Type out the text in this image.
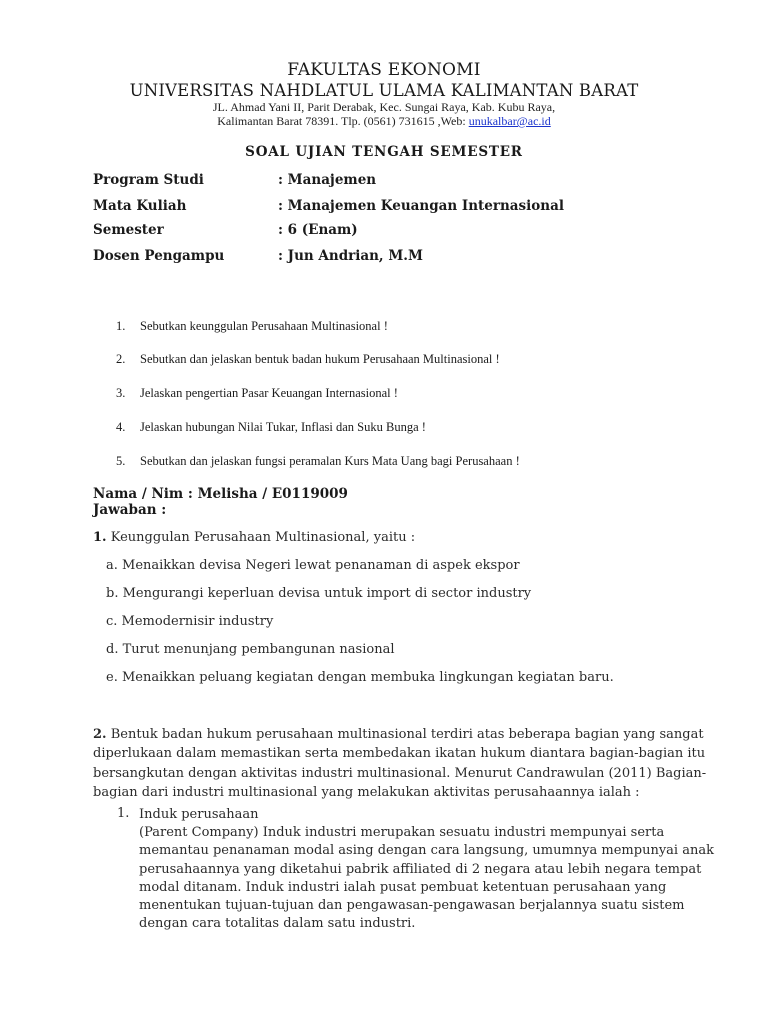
FAKULTAS EKONOMI
UNIVERSITAS NAHDLATUL ULAMA KALIMANTAN BARAT
JL. Ahmad Yani II, Parit Derabak, Kec. Sungai Raya, Kab. Kubu Raya,
Kalimantan Barat 78391. Tlp. (0561) 731615 ,Web: unukalbar@ac.id
SOAL UJIAN TENGAH SEMESTER
Program Studi	: Manajemen
Mata Kuliah	: Manajemen Keuangan Internasional
Semester	: 6 (Enam)
Dosen Pengampu	: Jun Andrian, M.M
1. Sebutkan keunggulan Perusahaan Multinasional !
2. Sebutkan dan jelaskan bentuk badan hukum Perusahaan Multinasional !
3. Jelaskan pengertian Pasar Keuangan Internasional !
4. Jelaskan hubungan Nilai Tukar, Inflasi dan Suku Bunga !
5. Sebutkan dan jelaskan fungsi peramalan Kurs Mata Uang bagi Perusahaan !
Nama / Nim : Melisha / E0119009
Jawaban :
1. Keunggulan Perusahaan Multinasional, yaitu :
a. Menaikkan devisa Negeri lewat penanaman di aspek ekspor
b. Mengurangi keperluan devisa untuk import di sector industry
c. Memodernisir industry
d. Turut menunjang pembangunan nasional
e. Menaikkan peluang kegiatan dengan membuka lingkungan kegiatan baru.
2. Bentuk badan hukum perusahaan multinasional terdiri atas beberapa bagian yang sangat
diperlukaan dalam memastikan serta membedakan ikatan hukum diantara bagian-bagian itu
bersangkutan dengan aktivitas industri multinasional. Menurut Candrawulan (2011) Bagian-
bagian dari industri multinasional yang melakukan aktivitas perusahaannya ialah :
1. Induk perusahaan
(Parent Company) Induk industri merupakan sesuatu industri mempunyai serta
memantau penanaman modal asing dengan cara langsung, umumnya mempunyai anak
perusahaannya yang diketahui pabrik affiliated di 2 negara atau lebih negara tempat
modal ditanam. Induk industri ialah pusat pembuat ketentuan perusahaan yang
menentukan tujuan-tujuan dan pengawasan-pengawasan berjalannya suatu sistem
dengan cara totalitas dalam satu industri.
